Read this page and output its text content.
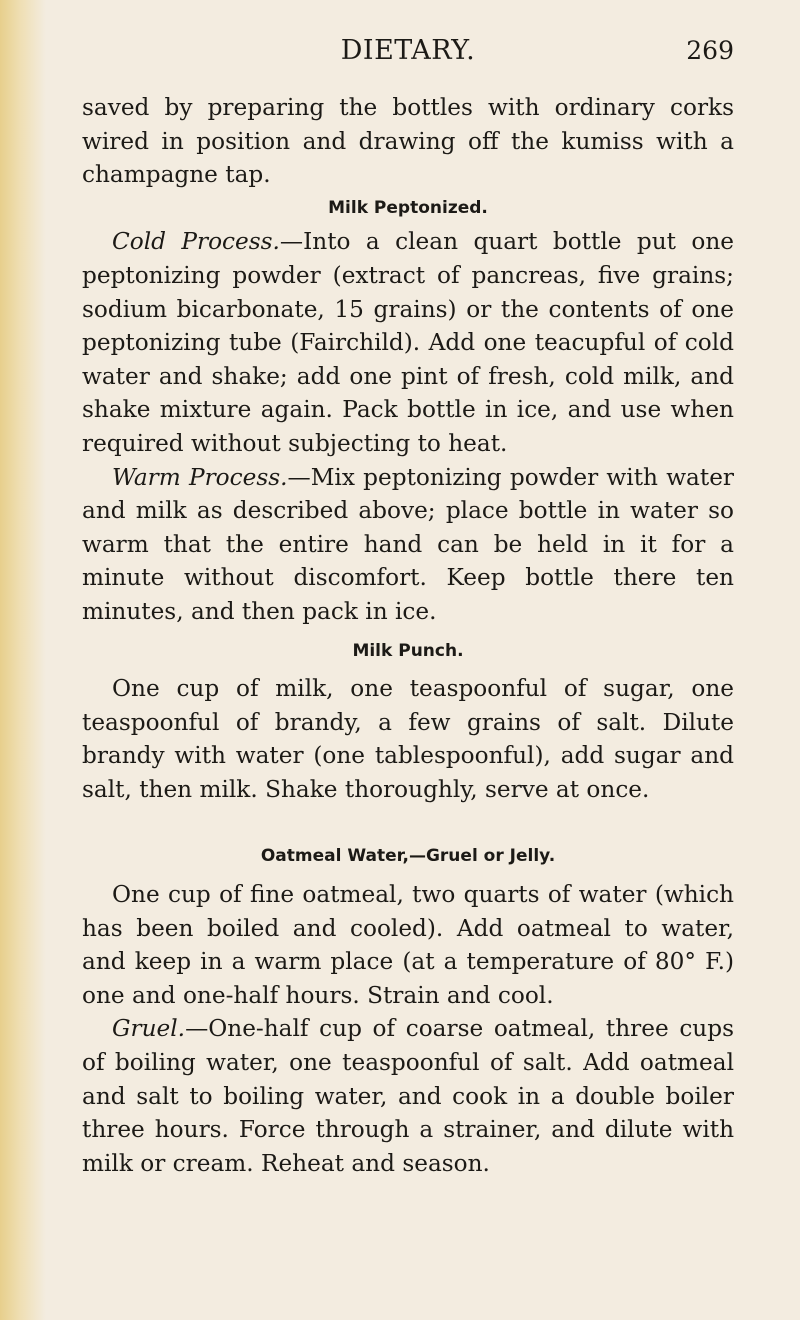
DIETARY.	269

saved by preparing the bottles with ordinary corks wired in position and drawing off the kumiss with a champagne tap.

Milk Peptonized.

Cold Process.—Into a clean quart bottle put one peptonizing powder (extract of pancreas, five grains; sodium bicarbonate, 15 grains) or the contents of one peptonizing tube (Fairchild). Add one teacupful of cold water and shake; add one pint of fresh, cold milk, and shake mixture again. Pack bottle in ice, and use when required without subjecting to heat.

Warm Process.—Mix peptonizing powder with water and milk as described above; place bottle in water so warm that the entire hand can be held in it for a minute without discomfort. Keep bottle there ten minutes, and then pack in ice.

Milk Punch.

One cup of milk, one teaspoonful of sugar, one teaspoonful of brandy, a few grains of salt. Dilute brandy with water (one tablespoonful), add sugar and salt, then milk. Shake thoroughly, serve at once.

Oatmeal Water,—Gruel or Jelly.

One cup of fine oatmeal, two quarts of water (which has been boiled and cooled). Add oatmeal to water, and keep in a warm place (at a temperature of 80° F.) one and one-half hours. Strain and cool.

Gruel.—One-half cup of coarse oatmeal, three cups of boiling water, one teaspoonful of salt. Add oatmeal and salt to boiling water, and cook in a double boiler three hours. Force through a strainer, and dilute with milk or cream. Reheat and season.
